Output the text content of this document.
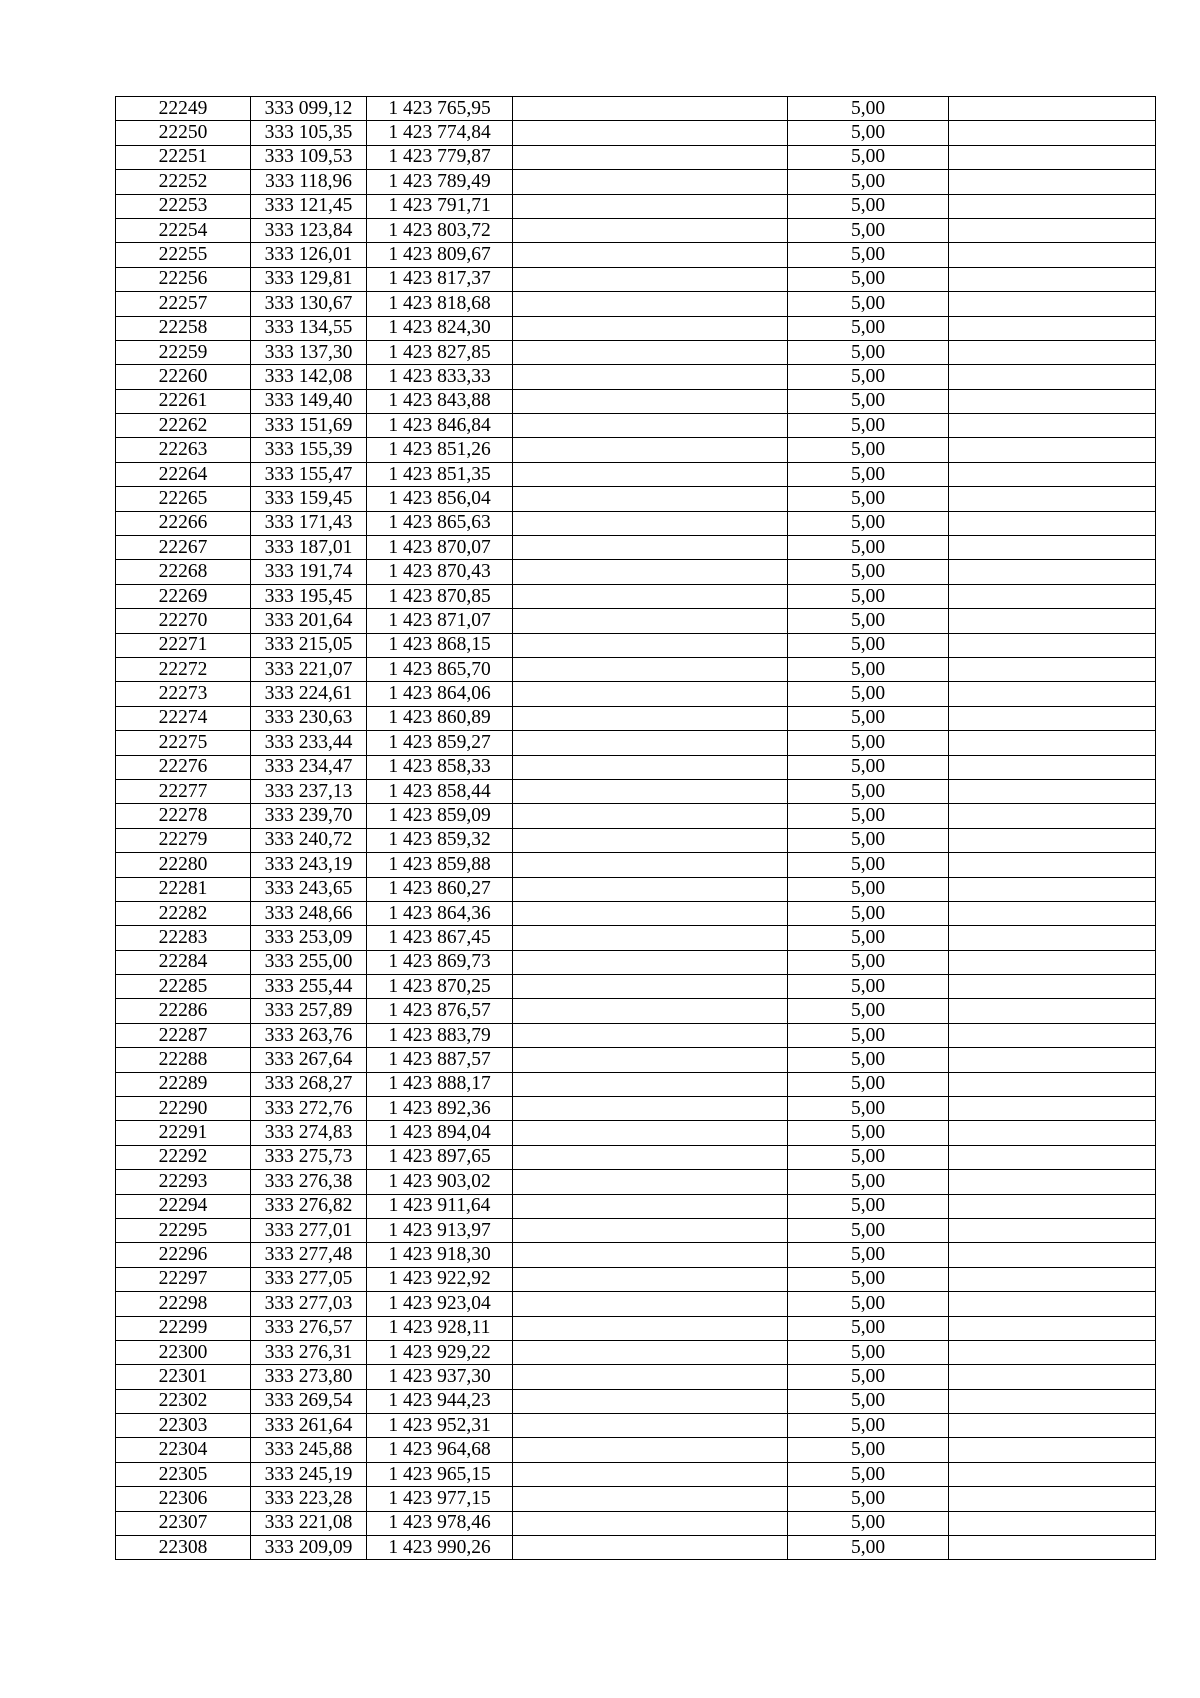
22249	333 099,12	1 423 765,95		5,00	
22250	333 105,35	1 423 774,84		5,00	
22251	333 109,53	1 423 779,87		5,00	
22252	333 118,96	1 423 789,49		5,00	
22253	333 121,45	1 423 791,71		5,00	
22254	333 123,84	1 423 803,72		5,00	
22255	333 126,01	1 423 809,67		5,00	
22256	333 129,81	1 423 817,37		5,00	
22257	333 130,67	1 423 818,68		5,00	
22258	333 134,55	1 423 824,30		5,00	
22259	333 137,30	1 423 827,85		5,00	
22260	333 142,08	1 423 833,33		5,00	
22261	333 149,40	1 423 843,88		5,00	
22262	333 151,69	1 423 846,84		5,00	
22263	333 155,39	1 423 851,26		5,00	
22264	333 155,47	1 423 851,35		5,00	
22265	333 159,45	1 423 856,04		5,00	
22266	333 171,43	1 423 865,63		5,00	
22267	333 187,01	1 423 870,07		5,00	
22268	333 191,74	1 423 870,43		5,00	
22269	333 195,45	1 423 870,85		5,00	
22270	333 201,64	1 423 871,07		5,00	
22271	333 215,05	1 423 868,15		5,00	
22272	333 221,07	1 423 865,70		5,00	
22273	333 224,61	1 423 864,06		5,00	
22274	333 230,63	1 423 860,89		5,00	
22275	333 233,44	1 423 859,27		5,00	
22276	333 234,47	1 423 858,33		5,00	
22277	333 237,13	1 423 858,44		5,00	
22278	333 239,70	1 423 859,09		5,00	
22279	333 240,72	1 423 859,32		5,00	
22280	333 243,19	1 423 859,88		5,00	
22281	333 243,65	1 423 860,27		5,00	
22282	333 248,66	1 423 864,36		5,00	
22283	333 253,09	1 423 867,45		5,00	
22284	333 255,00	1 423 869,73		5,00	
22285	333 255,44	1 423 870,25		5,00	
22286	333 257,89	1 423 876,57		5,00	
22287	333 263,76	1 423 883,79		5,00	
22288	333 267,64	1 423 887,57		5,00	
22289	333 268,27	1 423 888,17		5,00	
22290	333 272,76	1 423 892,36		5,00	
22291	333 274,83	1 423 894,04		5,00	
22292	333 275,73	1 423 897,65		5,00	
22293	333 276,38	1 423 903,02		5,00	
22294	333 276,82	1 423 911,64		5,00	
22295	333 277,01	1 423 913,97		5,00	
22296	333 277,48	1 423 918,30		5,00	
22297	333 277,05	1 423 922,92		5,00	
22298	333 277,03	1 423 923,04		5,00	
22299	333 276,57	1 423 928,11		5,00	
22300	333 276,31	1 423 929,22		5,00	
22301	333 273,80	1 423 937,30		5,00	
22302	333 269,54	1 423 944,23		5,00	
22303	333 261,64	1 423 952,31		5,00	
22304	333 245,88	1 423 964,68		5,00	
22305	333 245,19	1 423 965,15		5,00	
22306	333 223,28	1 423 977,15		5,00	
22307	333 221,08	1 423 978,46		5,00	
22308	333 209,09	1 423 990,26		5,00	
